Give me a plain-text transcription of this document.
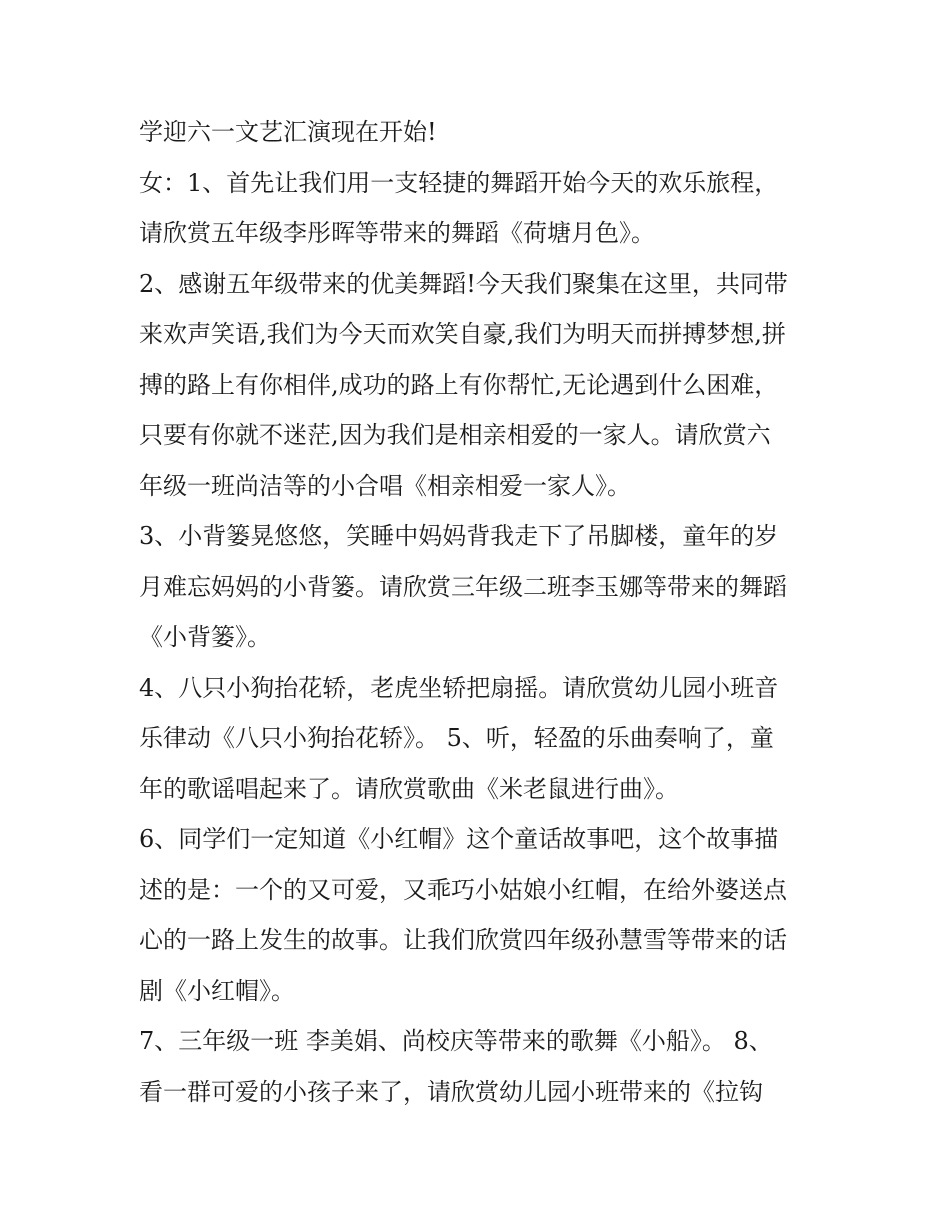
学迎六一文艺汇演现在开始!
女：1、首先让我们用一支轻捷的舞蹈开始今天的欢乐旅程，
请欣赏五年级李彤晖等带来的舞蹈《荷塘月色》。
2、感谢五年级带来的优美舞蹈!今天我们聚集在这里，共同带
来欢声笑语,我们为今天而欢笑自豪,我们为明天而拼搏梦想,拼
搏的路上有你相伴,成功的路上有你帮忙,无论遇到什么困难，
只要有你就不迷茫,因为我们是相亲相爱的一家人。请欣赏六
年级一班尚洁等的小合唱《相亲相爱一家人》。
3、小背篓晃悠悠，笑睡中妈妈背我走下了吊脚楼，童年的岁
月难忘妈妈的小背篓。请欣赏三年级二班李玉娜等带来的舞蹈
《小背篓》。
4、八只小狗抬花轿，老虎坐轿把扇摇。请欣赏幼儿园小班音
乐律动《八只小狗抬花轿》。 5、听，轻盈的乐曲奏响了，童
年的歌谣唱起来了。请欣赏歌曲《米老鼠进行曲》。
6、同学们一定知道《小红帽》这个童话故事吧，这个故事描
述的是：一个的又可爱，又乖巧小姑娘小红帽，在给外婆送点
心的一路上发生的故事。让我们欣赏四年级孙慧雪等带来的话
剧《小红帽》。
7、三年级一班 李美娟、尚校庆等带来的歌舞《小船》。 8、
看一群可爱的小孩子来了，请欣赏幼儿园小班带来的《拉钩
